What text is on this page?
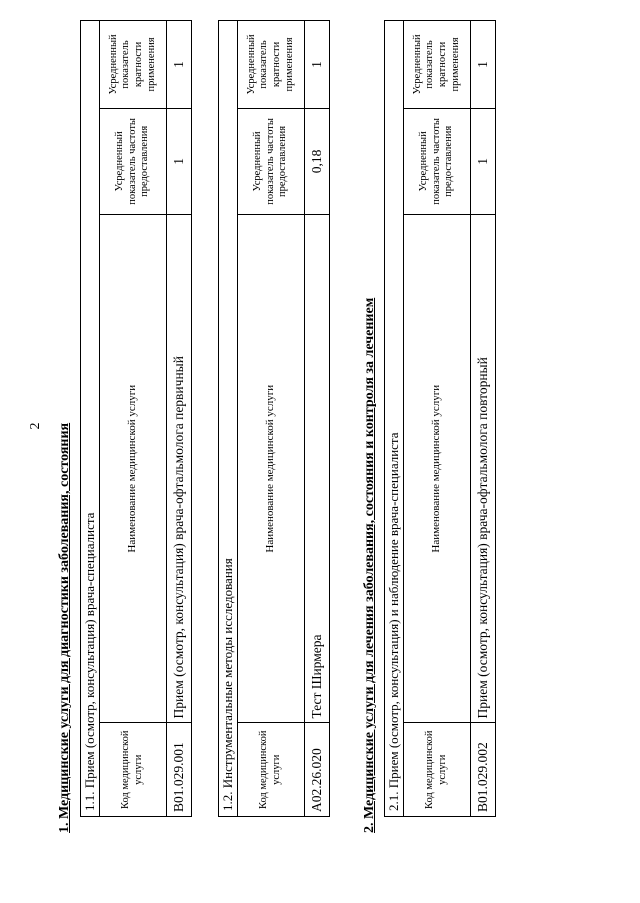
2 1. Медицинские услуги для диагностики заболевания, состояния 1.1. Прием (осмотр, консультация) врача-специалиста			
Код медицинской услуги	Наименование медицинской услуги	Усредненный показатель частоты предоставления	Усредненный показатель кратности применения
B01.029.001	Прием (осмотр, консультация) врача-офтальмолога первичный	1	1
1.2. Инструментальные методы исследования			
Код медицинской услуги	Наименование медицинской услуги	Усредненный показатель частоты предоставления	Усредненный показатель кратности применения
A02.26.020	Тест Ширмера	0,18	1
2. Медицинские услуги для лечения заболевания, состояния и контроля за лечением 2.1. Прием (осмотр, консультация) и наблюдение врача-специалиста			
Код медицинской услуги	Наименование медицинской услуги	Усредненный показатель частоты предоставления	Усредненный показатель кратности применения
B01.029.002	Прием (осмотр, консультация) врача-офтальмолога повторный	1	1
